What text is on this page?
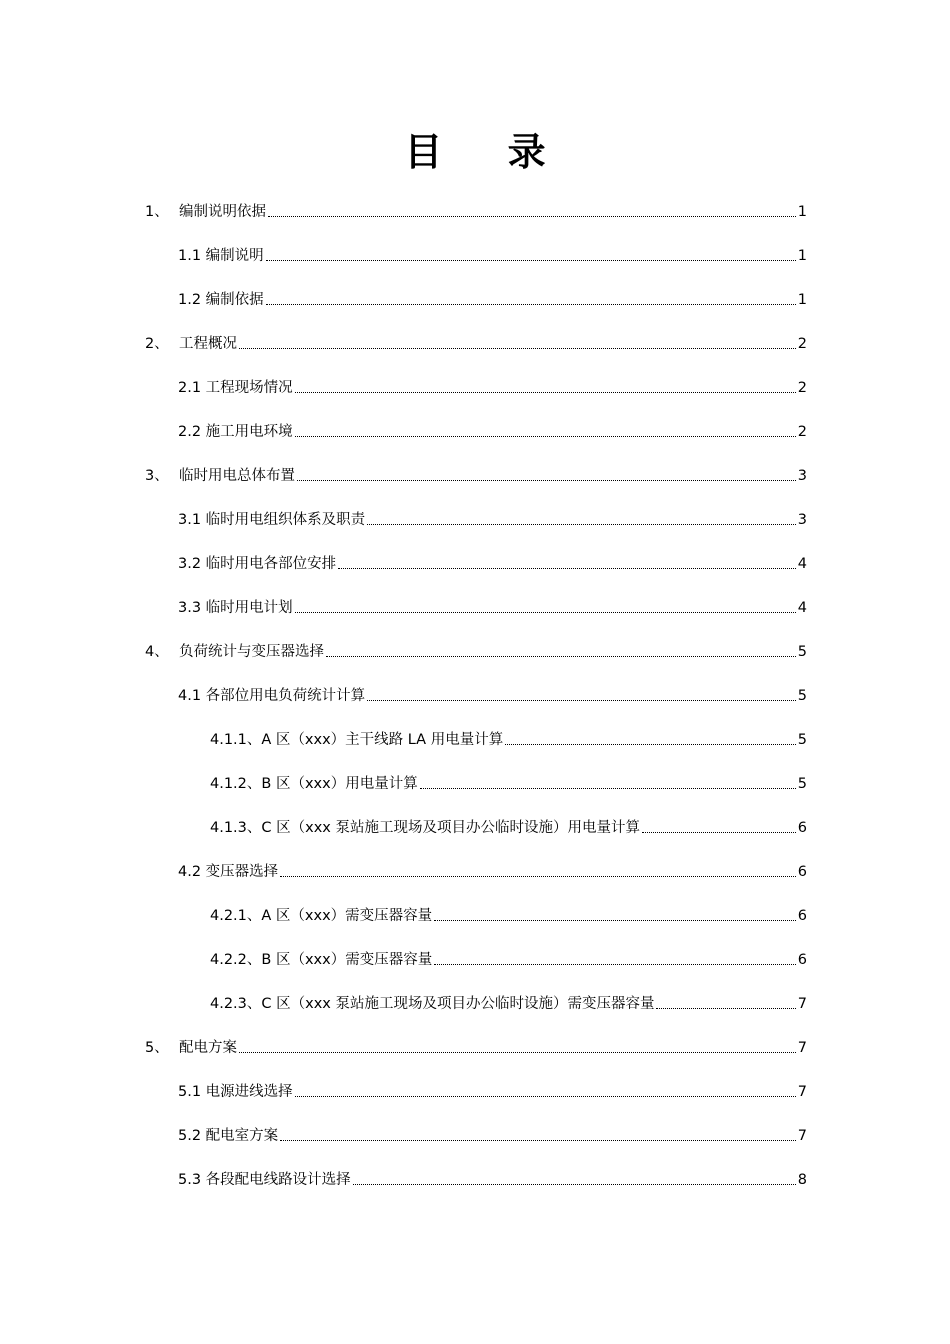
目 录
1、 编制说明依据	1
1.1 编制说明	1
1.2 编制依据	1
2、 工程概况	2
2.1 工程现场情况	2
2.2 施工用电环境	2
3、 临时用电总体布置	3
3.1 临时用电组织体系及职责	3
3.2 临时用电各部位安排	4
3.3 临时用电计划	4
4、 负荷统计与变压器选择	5
4.1 各部位用电负荷统计计算	5
4.1.1、A 区（xxx）主干线路 LA 用电量计算	5
4.1.2、B 区（xxx）用电量计算	5
4.1.3、C 区（xxx 泵站施工现场及项目办公临时设施）用电量计算	6
4.2 变压器选择	6
4.2.1、A 区（xxx）需变压器容量	6
4.2.2、B 区（xxx）需变压器容量	6
4.2.3、C 区（xxx 泵站施工现场及项目办公临时设施）需变压器容量	7
5、 配电方案	7
5.1 电源进线选择	7
5.2 配电室方案	7
5.3 各段配电线路设计选择	8
